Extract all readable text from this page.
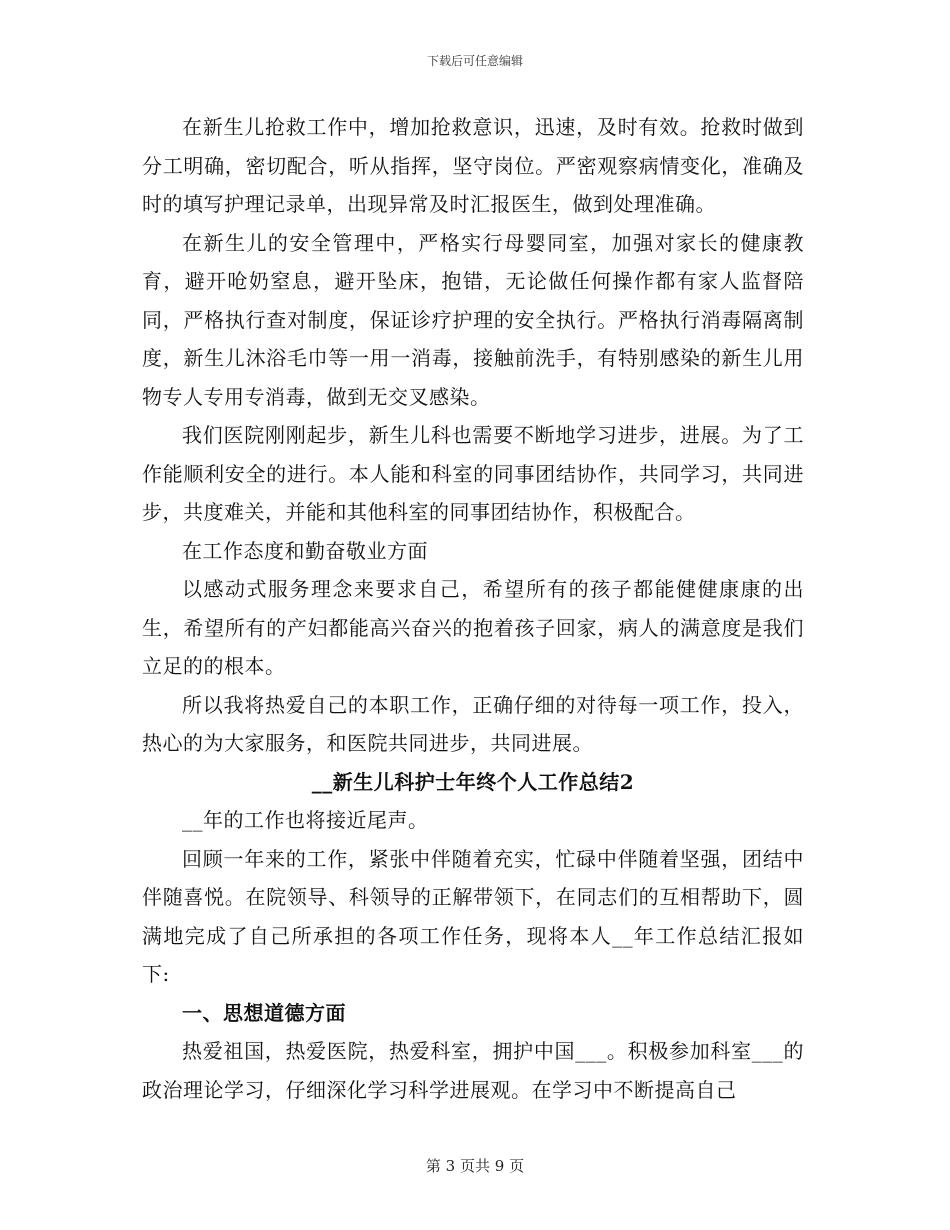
下载后可任意编辑

在新生儿抢救工作中，增加抢救意识，迅速，及时有效。抢救时做到分工明确，密切配合，听从指挥，坚守岗位。严密观察病情变化，准确及时的填写护理记录单，出现异常及时汇报医生，做到处理准确。

在新生儿的安全管理中，严格实行母婴同室，加强对家长的健康教育，避开呛奶窒息，避开坠床，抱错，无论做任何操作都有家人监督陪同，严格执行查对制度，保证诊疗护理的安全执行。严格执行消毒隔离制度，新生儿沐浴毛巾等一用一消毒，接触前洗手，有特别感染的新生儿用物专人专用专消毒，做到无交叉感染。

我们医院刚刚起步，新生儿科也需要不断地学习进步，进展。为了工作能顺利安全的进行。本人能和科室的同事团结协作，共同学习，共同进步，共度难关，并能和其他科室的同事团结协作，积极配合。

在工作态度和勤奋敬业方面

以感动式服务理念来要求自己，希望所有的孩子都能健健康康的出生，希望所有的产妇都能高兴奋兴的抱着孩子回家，病人的满意度是我们立足的的根本。

所以我将热爱自己的本职工作，正确仔细的对待每一项工作，投入，热心的为大家服务，和医院共同进步，共同进展。

__新生儿科护士年终个人工作总结2

__年的工作也将接近尾声。

回顾一年来的工作，紧张中伴随着充实，忙碌中伴随着坚强，团结中伴随喜悦。在院领导、科领导的正解带领下，在同志们的互相帮助下，圆满地完成了自己所承担的各项工作任务，现将本人__年工作总结汇报如下:

一、思想道德方面

热爱祖国，热爱医院，热爱科室，拥护中国___。积极参加科室___的政治理论学习，仔细深化学习科学进展观。在学习中不断提高自己

第 3 页共 9 页
